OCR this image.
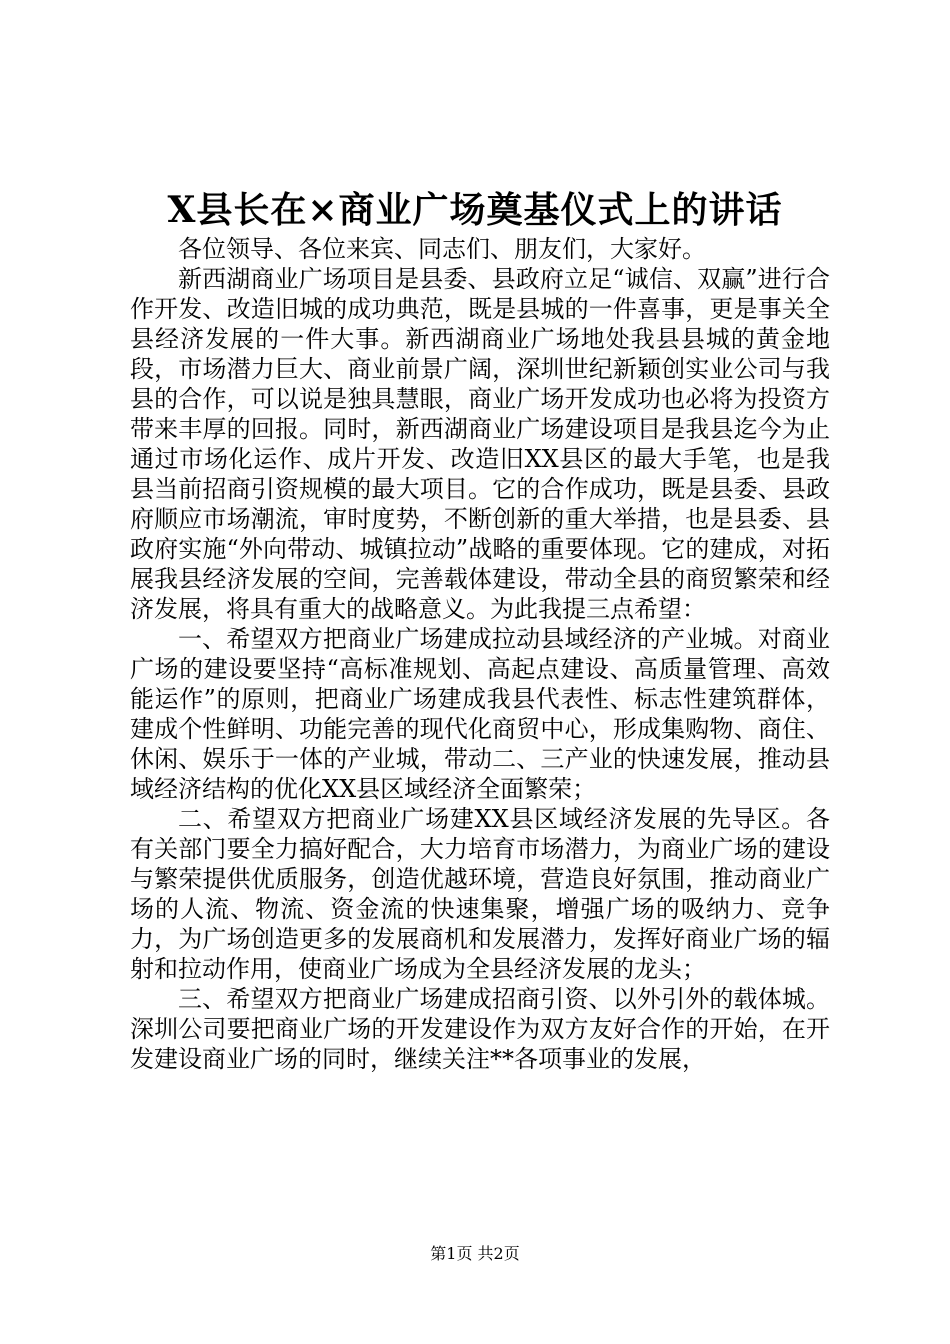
X县长在×商业广场奠基仪式上的讲话

各位领导、各位来宾、同志们、朋友们，大家好。

新西湖商业广场项目是县委、县政府立足“诚信、双赢”进行合作开发、改造旧城的成功典范，既是县城的一件喜事，更是事关全县经济发展的一件大事。新西湖商业广场地处我县县城的黄金地段，市场潜力巨大、商业前景广阔，深圳世纪新颖创实业公司与我县的合作，可以说是独具慧眼，商业广场开发成功也必将为投资方带来丰厚的回报。同时，新西湖商业广场建设项目是我县迄今为止通过市场化运作、成片开发、改造旧XX县区的最大手笔，也是我县当前招商引资规模的最大项目。它的合作成功，既是县委、县政府顺应市场潮流，审时度势，不断创新的重大举措，也是县委、县政府实施“外向带动、城镇拉动”战略的重要体现。它的建成，对拓展我县经济发展的空间，完善载体建设，带动全县的商贸繁荣和经济发展，将具有重大的战略意义。为此我提三点希望：

一、希望双方把商业广场建成拉动县域经济的产业城。对商业广场的建设要坚持“高标准规划、高起点建设、高质量管理、高效能运作”的原则，把商业广场建成我县代表性、标志性建筑群体，建成个性鲜明、功能完善的现代化商贸中心，形成集购物、商住、休闲、娱乐于一体的产业城，带动二、三产业的快速发展，推动县域经济结构的优化XX县区域经济全面繁荣；

二、希望双方把商业广场建XX县区域经济发展的先导区。各有关部门要全力搞好配合，大力培育市场潜力，为商业广场的建设与繁荣提供优质服务，创造优越环境，营造良好氛围，推动商业广场的人流、物流、资金流的快速集聚，增强广场的吸纳力、竞争力，为广场创造更多的发展商机和发展潜力，发挥好商业广场的辐射和拉动作用，使商业广场成为全县经济发展的龙头；

三、希望双方把商业广场建成招商引资、以外引外的载体城。深圳公司要把商业广场的开发建设作为双方友好合作的开始，在开发建设商业广场的同时，继续关注**各项事业的发展，

第1页 共2页
